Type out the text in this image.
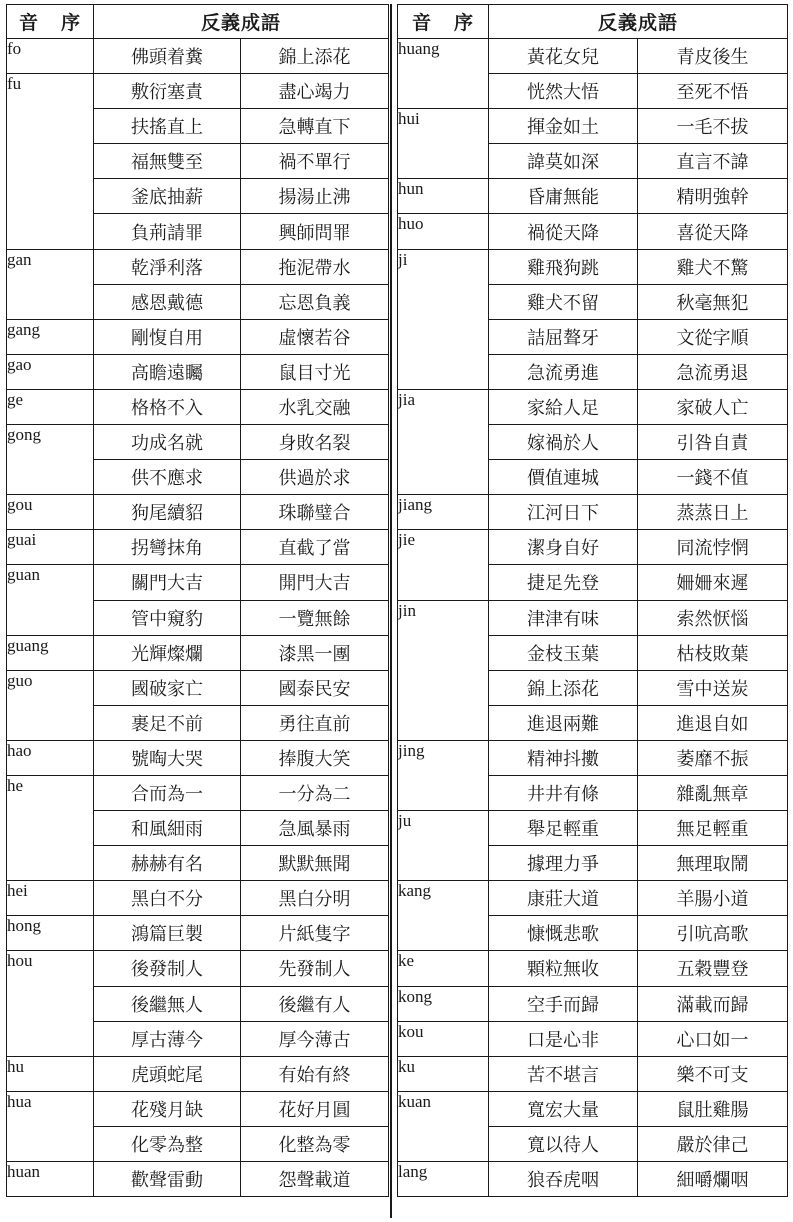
音 序	反義成語	
fo	佛頭着糞	錦上添花
fu	敷衍塞責	盡心竭力
	扶搖直上	急轉直下
	福無雙至	禍不單行
	釜底抽薪	揚湯止沸
	負荊請罪	興師問罪
gan	乾淨利落	拖泥帶水
	感恩戴德	忘恩負義
gang	剛愎自用	虛懷若谷
gao	高瞻遠矚	鼠目寸光
ge	格格不入	水乳交融
gong	功成名就	身敗名裂
	供不應求	供過於求
gou	狗尾續貂	珠聯璧合
guai	拐彎抹角	直截了當
guan	關門大吉	開門大吉
	管中窺豹	一覽無餘
guang	光輝燦爛	漆黑一團
guo	國破家亡	國泰民安
	裹足不前	勇往直前
hao	號啕大哭	捧腹大笑
he	合而為一	一分為二
	和風細雨	急風暴雨
	赫赫有名	默默無聞
hei	黑白不分	黑白分明
hong	鴻篇巨製	片紙隻字
hou	後發制人	先發制人
	後繼無人	後繼有人
	厚古薄今	厚今薄古
hu	虎頭蛇尾	有始有終
hua	花殘月缺	花好月圓
	化零為整	化整為零
huan	歡聲雷動	怨聲載道
音 序	反義成語	
huang	黃花女兒	青皮後生
	恍然大悟	至死不悟
hui	揮金如土	一毛不拔
	諱莫如深	直言不諱
hun	昏庸無能	精明強幹
huo	禍從天降	喜從天降
ji	雞飛狗跳	雞犬不驚
	雞犬不留	秋毫無犯
	詰屈聱牙	文從字順
	急流勇進	急流勇退
jia	家給人足	家破人亡
	嫁禍於人	引咎自責
	價值連城	一錢不值
jiang	江河日下	蒸蒸日上
jie	潔身自好	同流悖惘
	捷足先登	姍姍來遲
jin	津津有味	索然恹惱
	金枝玉葉	枯枝敗葉
	錦上添花	雪中送炭
	進退兩難	進退自如
jing	精神抖擻	萎靡不振
	井井有條	雜亂無章
ju	舉足輕重	無足輕重
	據理力爭	無理取鬧
kang	康莊大道	羊腸小道
	慷慨悲歌	引吭高歌
ke	顆粒無收	五穀豐登
kong	空手而歸	滿載而歸
kou	口是心非	心口如一
ku	苦不堪言	樂不可支
kuan	寬宏大量	鼠肚雞腸
	寬以待人	嚴於律己
lang	狼吞虎咽	細嚼爛咽
